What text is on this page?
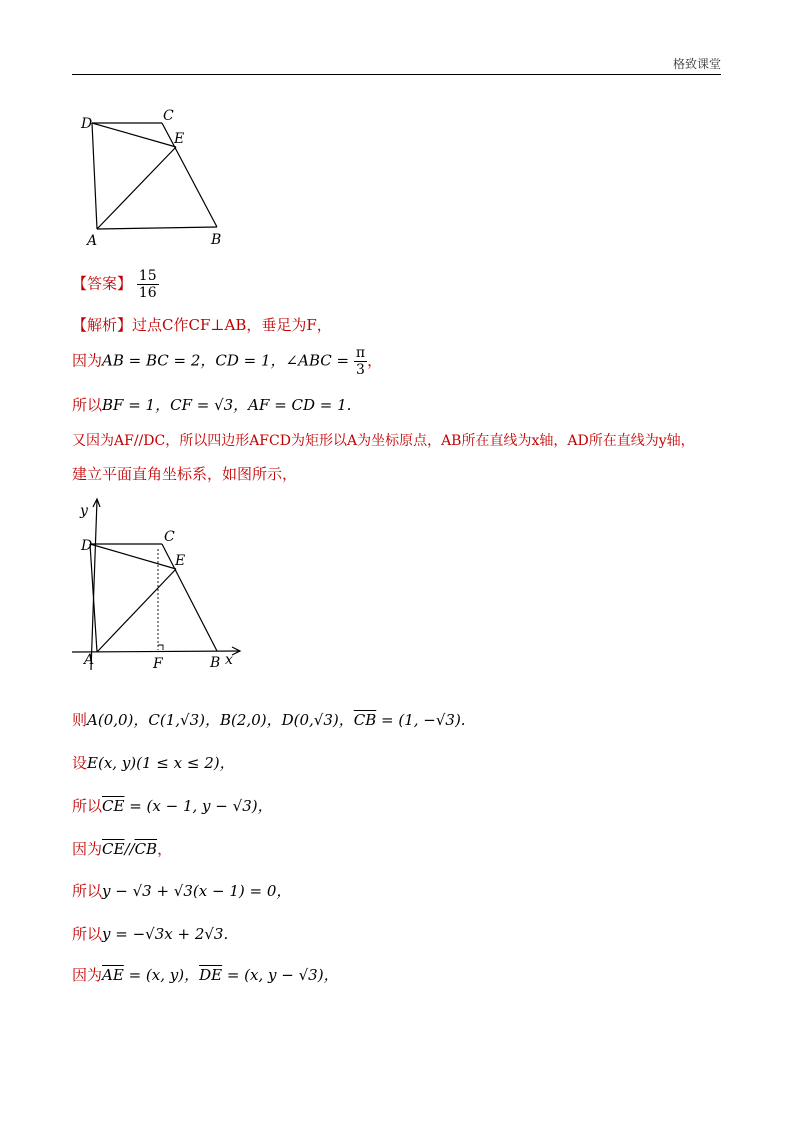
格致课堂
D	C
E
A	B
【答案】 $\frac{15}{16}$
【解析】过点C作CF⊥AB，垂足为F，
因为AB = BC = 2，CD = 1，∠ABC = $\frac{\pi}{3}$ ，
所以BF = 1，CF = √3，AF = CD = 1.
又因为AF//DC，所以四边形AFCD为矩形以A为坐标原点，AB所在直线为x轴，AD所在直线为y轴，
建立平面直角坐标系，如图所示，
y
D
C
E
A	F	B x
则A(0,0)，C(1,√3)，B(2,0)，D(0,√3)，$\overline{CB} = (1$, −√3).
设E(x, y)(1 ≤ x ≤ 2)，
所以$\overline{CE} = (x - 1$, y − √3)，
因为$\overline{CE}//\overline{CB}$，
所以y − √3 + √3(x − 1) = 0，
所以y = −√3x + 2√3.
因为$\overline{AE} = (x$, y)，$\overline{DE} = (x$, y − √3)，
